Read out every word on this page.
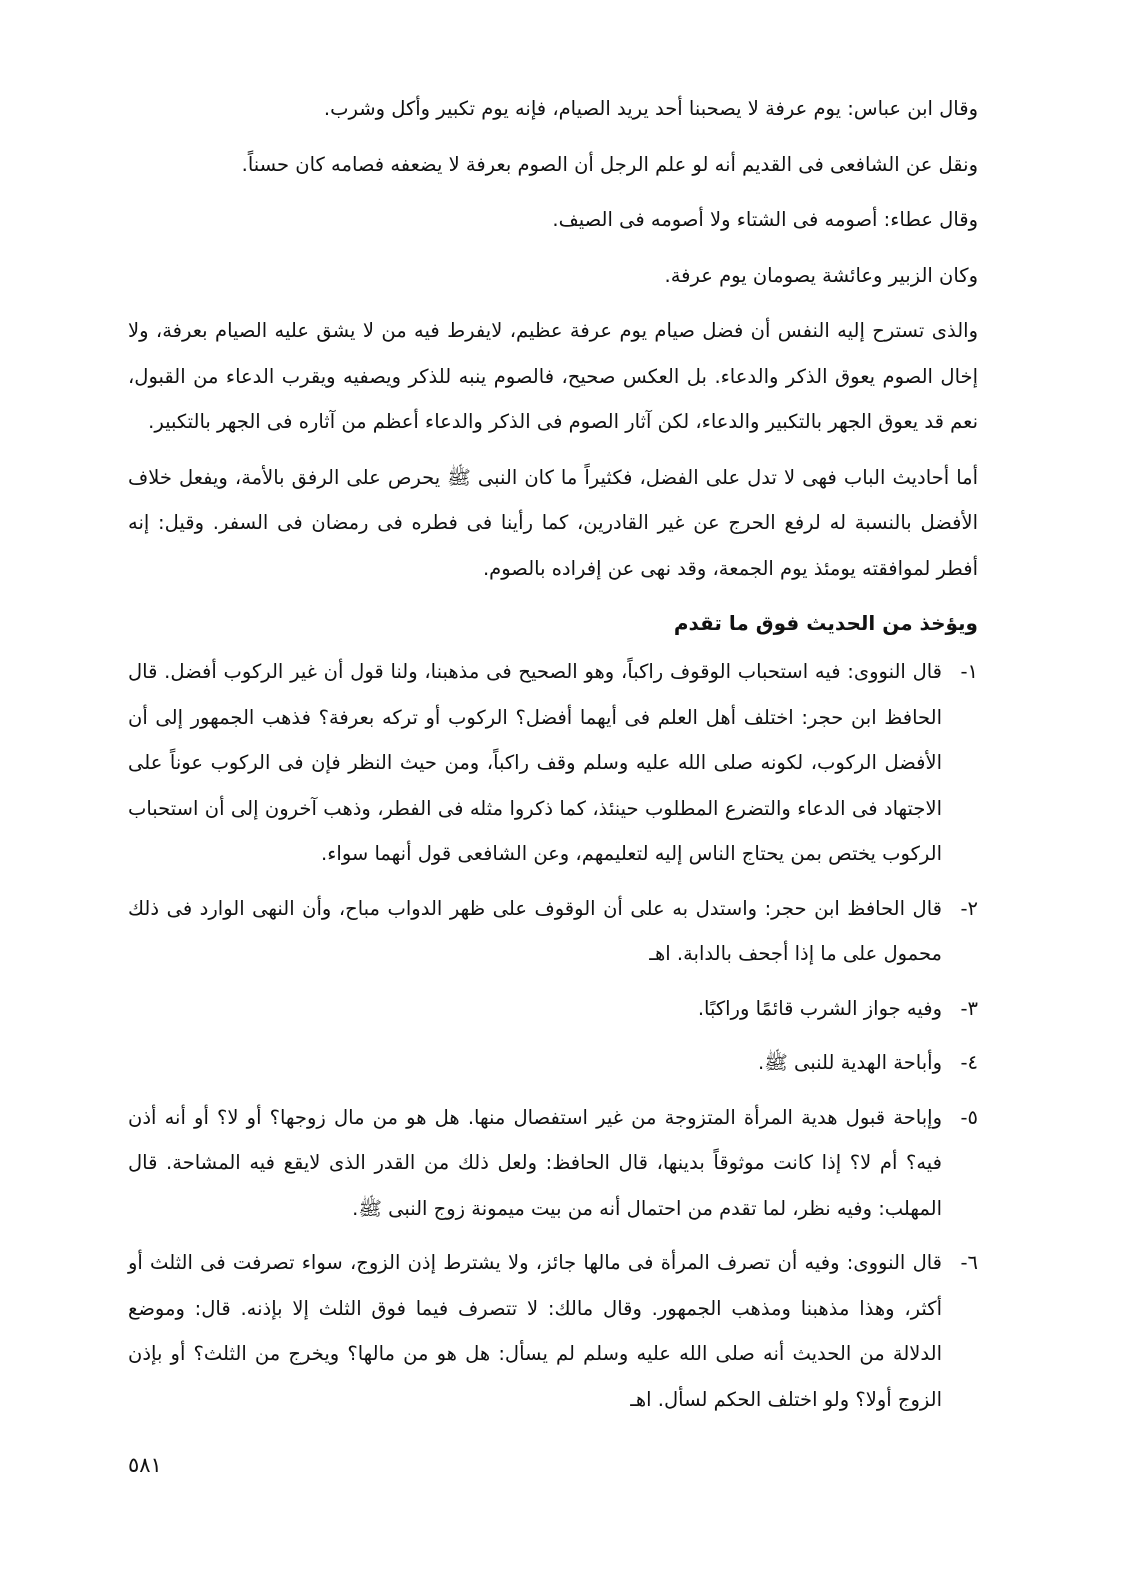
وقال ابن عباس: يوم عرفة لا يصحبنا أحد يريد الصيام، فإنه يوم تكبير وأكل وشرب.

ونقل عن الشافعى فى القديم أنه لو علم الرجل أن الصوم بعرفة لا يضعفه فصامه كان حسناً.

وقال عطاء: أصومه فى الشتاء ولا أصومه فى الصيف.

وكان الزبير وعائشة يصومان يوم عرفة.

والذى تسترح إليه النفس أن فضل صيام يوم عرفة عظيم، لايفرط فيه من لا يشق عليه الصيام بعرفة، ولا إخال الصوم يعوق الذكر والدعاء. بل العكس صحيح، فالصوم ينبه للذكر ويصفيه ويقرب الدعاء من القبول، نعم قد يعوق الجهر بالتكبير والدعاء، لكن آثار الصوم فى الذكر والدعاء أعظم من آثاره فى الجهر بالتكبير.

أما أحاديث الباب فهى لا تدل على الفضل، فكثيراً ما كان النبى ﷺ يحرص على الرفق بالأمة، ويفعل خلاف الأفضل بالنسبة له لرفع الحرج عن غير القادرين، كما رأينا فى فطره فى رمضان فى السفر. وقيل: إنه أفطر لموافقته يومئذ يوم الجمعة، وقد نهى عن إفراده بالصوم.

ويؤخذ من الحديث فوق ما تقدم

١-
قال النووى: فيه استحباب الوقوف راكباً، وهو الصحيح فى مذهبنا، ولنا قول أن غير الركوب أفضل. قال الحافظ ابن حجر: اختلف أهل العلم فى أيهما أفضل؟ الركوب أو تركه بعرفة؟ فذهب الجمهور إلى أن الأفضل الركوب، لكونه صلى الله عليه وسلم وقف راكباً، ومن حيث النظر فإن فى الركوب عوناً على الاجتهاد فى الدعاء والتضرع المطلوب حينئذ، كما ذكروا مثله فى الفطر، وذهب آخرون إلى أن استحباب الركوب يختص بمن يحتاج الناس إليه لتعليمهم، وعن الشافعى قول أنهما سواء.
٢-
قال الحافظ ابن حجر: واستدل به على أن الوقوف على ظهر الدواب مباح، وأن النهى الوارد فى ذلك محمول على ما إذا أجحف بالدابة. اهـ
٣-
وفيه جواز الشرب قائمًا وراكبًا.
٤-
وأباحة الهدية للنبى ﷺ.
٥-
وإباحة قبول هدية المرأة المتزوجة من غير استفصال منها. هل هو من مال زوجها؟ أو لا؟ أو أنه أذن فيه؟ أم لا؟ إذا كانت موثوقاً بدينها، قال الحافظ: ولعل ذلك من القدر الذى لايقع فيه المشاحة. قال المهلب: وفيه نظر، لما تقدم من احتمال أنه من بيت ميمونة زوج النبى ﷺ.
٦-
قال النووى: وفيه أن تصرف المرأة فى مالها جائز، ولا يشترط إذن الزوج، سواء تصرفت فى الثلث أو أكثر، وهذا مذهبنا ومذهب الجمهور. وقال مالك: لا تتصرف فيما فوق الثلث إلا بإذنه. قال: وموضع الدلالة من الحديث أنه صلى الله عليه وسلم لم يسأل: هل هو من مالها؟ ويخرج من الثلث؟ أو بإذن الزوج أولا؟ ولو اختلف الحكم لسأل. اهـ
٥٨١
